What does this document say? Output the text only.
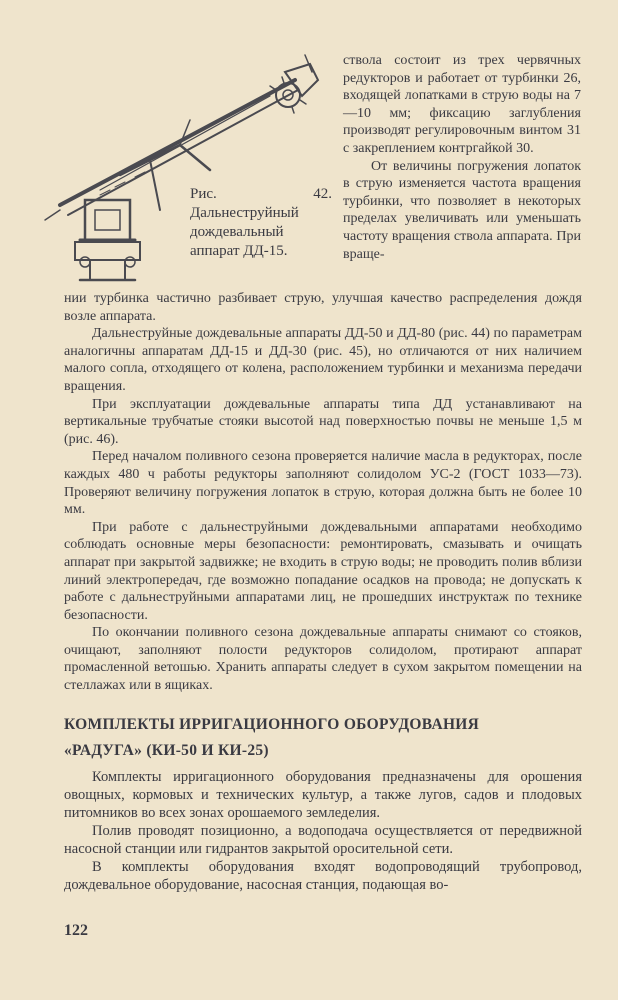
Рис. 42. Дальнеструйный дождевальный аппарат ДД-15.

ствола состоит из трех червячных редукторов и работает от турбинки 26, входящей лопатками в струю воды на 7—10 мм; фиксацию заглубления производят регулировочным винтом 31 с закреплением контргайкой 30.

От величины погружения лопаток в струю изменяется частота вращения турбинки, что позволяет в некоторых пределах увеличивать или уменьшать частоту вращения ствола аппарата. При враще-

нии турбинка частично разбивает струю, улучшая качество распределения дождя возле аппарата.

Дальнеструйные дождевальные аппараты ДД-50 и ДД-80 (рис. 44) по параметрам аналогичны аппаратам ДД-15 и ДД-30 (рис. 45), но отличаются от них наличием малого сопла, отходящего от колена, расположением турбинки и механизма передачи вращения.

При эксплуатации дождевальные аппараты типа ДД устанавливают на вертикальные трубчатые стояки высотой над поверхностью почвы не меньше 1,5 м (рис. 46).

Перед началом поливного сезона проверяется наличие масла в редукторах, после каждых 480 ч работы редукторы заполняют солидолом УС-2 (ГОСТ 1033—73). Проверяют величину погружения лопаток в струю, которая должна быть не более 10 мм.

При работе с дальнеструйными дождевальными аппаратами необходимо соблюдать основные меры безопасности: ремонтировать, смазывать и очищать аппарат при закрытой задвижке; не входить в струю воды; не проводить полив вблизи линий электропередач, где возможно попадание осадков на провода; не допускать к работе с дальнеструйными аппаратами лиц, не прошедших инструктаж по технике безопасности.

По окончании поливного сезона дождевальные аппараты снимают со стояков, очищают, заполняют полости редукторов солидолом, протирают аппарат промасленной ветошью. Хранить аппараты следует в сухом закрытом помещении на стеллажах или в ящиках.

КОМПЛЕКТЫ ИРРИГАЦИОННОГО ОБОРУДОВАНИЯ
«РАДУГА» (КИ-50 И КИ-25)

Комплекты ирригационного оборудования предназначены для орошения овощных, кормовых и технических культур, а также лугов, садов и плодовых питомников во всех зонах орошаемого земледелия.

Полив проводят позиционно, а водоподача осуществляется от передвижной насосной станции или гидрантов закрытой оросительной сети.

В комплекты оборудования входят водопроводящий трубопровод, дождевальное оборудование, насосная станция, подающая во-

122
